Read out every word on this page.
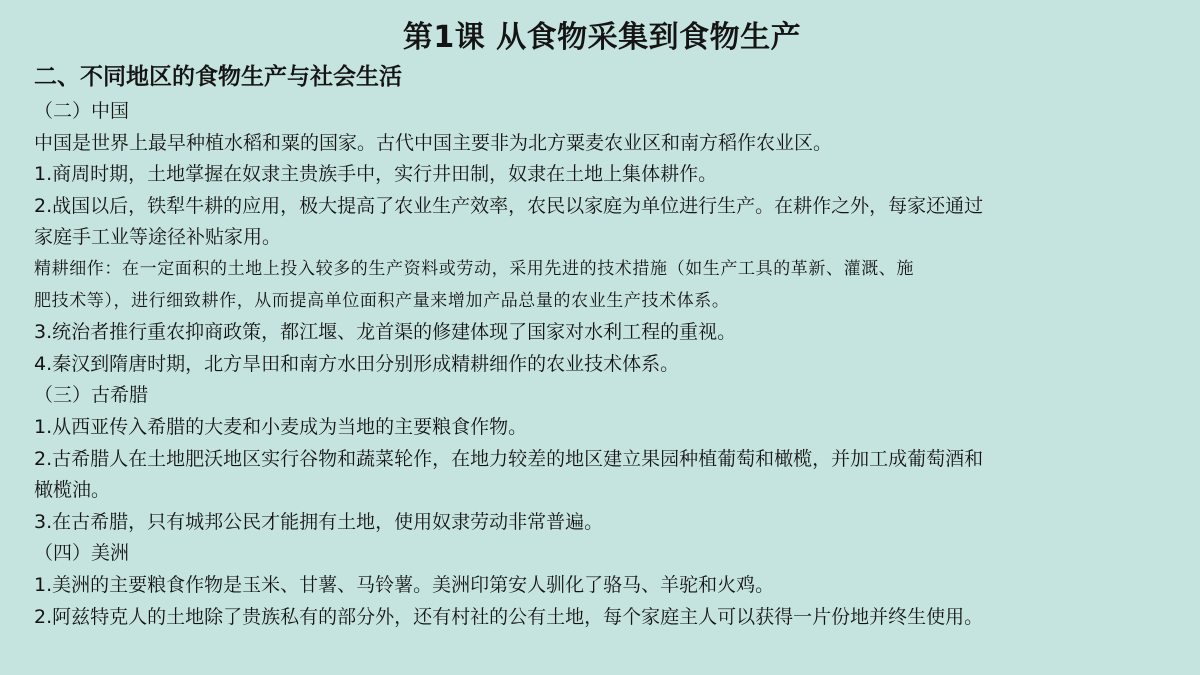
第1课 从食物采集到食物生产
二、不同地区的食物生产与社会生活

（二）中国

中国是世界上最早种植水稻和粟的国家。古代中国主要非为北方粟麦农业区和南方稻作农业区。

1.商周时期，土地掌握在奴隶主贵族手中，实行井田制，奴隶在土地上集体耕作。

2.战国以后，铁犁牛耕的应用，极大提高了农业生产效率，农民以家庭为单位进行生产。在耕作之外，每家还通过

家庭手工业等途径补贴家用。

精耕细作：在一定面积的土地上投入较多的生产资料或劳动，采用先进的技术措施（如生产工具的革新、灌溉、施

肥技术等），进行细致耕作，从而提高单位面积产量来增加产品总量的农业生产技术体系。

3.统治者推行重农抑商政策，都江堰、龙首渠的修建体现了国家对水利工程的重视。

4.秦汉到隋唐时期，北方旱田和南方水田分别形成精耕细作的农业技术体系。

（三）古希腊

1.从西亚传入希腊的大麦和小麦成为当地的主要粮食作物。

2.古希腊人在土地肥沃地区实行谷物和蔬菜轮作，在地力较差的地区建立果园种植葡萄和橄榄，并加工成葡萄酒和

橄榄油。

3.在古希腊，只有城邦公民才能拥有土地，使用奴隶劳动非常普遍。

（四）美洲

1.美洲的主要粮食作物是玉米、甘薯、马铃薯。美洲印第安人驯化了骆马、羊驼和火鸡。

2.阿兹特克人的土地除了贵族私有的部分外，还有村社的公有土地，每个家庭主人可以获得一片份地并终生使用。
